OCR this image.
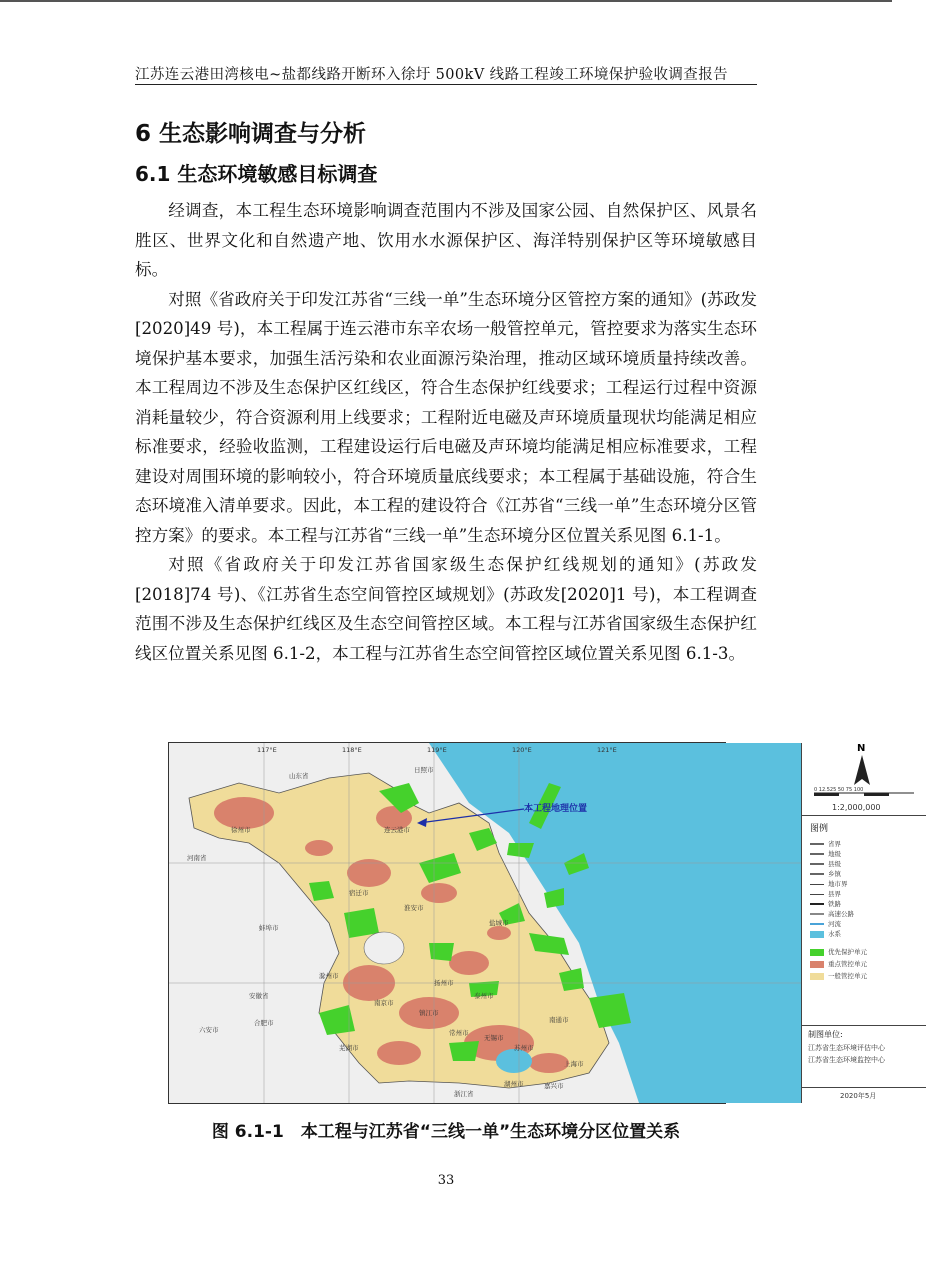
江苏连云港田湾核电~盐都线路开断环入徐圩 500kV 线路工程竣工环境保护验收调查报告
6 生态影响调查与分析
6.1 生态环境敏感目标调查

经调查，本工程生态环境影响调查范围内不涉及国家公园、自然保护区、风景名胜区、世界文化和自然遗产地、饮用水水源保护区、海洋特别保护区等环境敏感目标。

对照《省政府关于印发江苏省“三线一单”生态环境分区管控方案的通知》(苏政发[2020]49 号)，本工程属于连云港市东辛农场一般管控单元，管控要求为落实生态环境保护基本要求，加强生活污染和农业面源污染治理，推动区域环境质量持续改善。本工程周边不涉及生态保护区红线区，符合生态保护红线要求；工程运行过程中资源消耗量较少，符合资源利用上线要求；工程附近电磁及声环境质量现状均能满足相应标准要求，经验收监测，工程建设运行后电磁及声环境均能满足相应标准要求，工程建设对周围环境的影响较小，符合环境质量底线要求；本工程属于基础设施，符合生态环境准入清单要求。因此，本工程的建设符合《江苏省“三线一单”生态环境分区管控方案》的要求。本工程与江苏省“三线一单”生态环境分区位置关系见图 6.1-1。

对照《省政府关于印发江苏省国家级生态保护红线规划的通知》(苏政发[2018]74 号)、《江苏省生态空间管控区域规划》(苏政发[2020]1 号)，本工程调查范围不涉及生态保护红线区及生态空间管控区域。本工程与江苏省国家级生态保护红线区位置关系见图 6.1-2，本工程与江苏省生态空间管控区域位置关系见图 6.1-3。

本工程地理位置
117°E	118°E	119°E	120°E	121°E
山东省
日照市
河南省
安徽省
上海市
浙江省
连云港市
宿迁市
淮安市
盐城市
徐州市
南京市
扬州市
泰州市
南通市
苏州市
无锡市
常州市
镇江市
蚌埠市
滁州市
合肥市
芜湖市
六安市
湖州市	嘉兴市
N
0 12.525 50 75 100
1:2,000,000
图例
省界
地级
县级
乡镇
地市界
县界
铁路
高速公路
河流
水系
优先保护单元
重点管控单元
一般管控单元
制图单位:
江苏省生态环境评估中心
江苏省生态环境监控中心
2020年5月
图 6.1-1　本工程与江苏省“三线一单”生态环境分区位置关系
33
